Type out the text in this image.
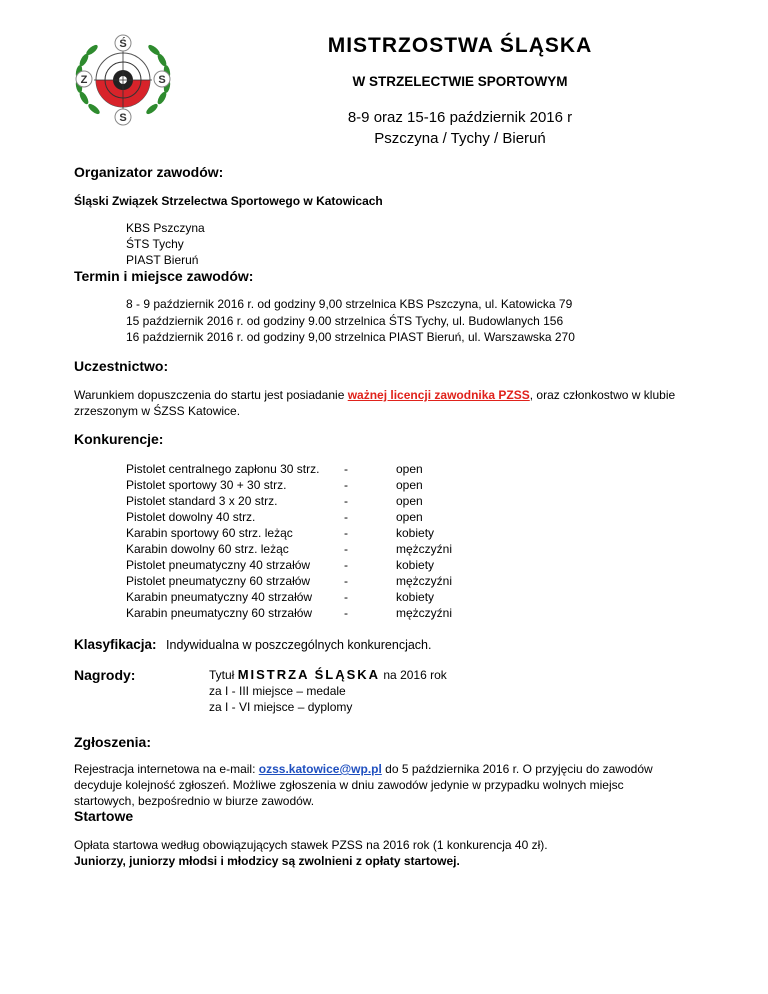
Ś
Z	S
S
MISTRZOSTWA ŚLĄSKA
W STRZELECTWIE SPORTOWYM
8-9 oraz 15-16 październik 2016 r
Pszczyna / Tychy / Bieruń
Organizator zawodów:
Śląski Związek Strzelectwa Sportowego w Katowicach
KBS Pszczyna
ŚTS Tychy
PIAST Bieruń
Termin i miejsce zawodów:
8 - 9 październik 2016 r. od godziny 9,00 strzelnica KBS Pszczyna, ul. Katowicka 79
15 październik 2016 r. od godziny 9.00 strzelnica ŚTS Tychy, ul. Budowlanych 156
16 październik 2016 r. od godziny 9,00 strzelnica PIAST Bieruń, ul. Warszawska 270
Uczestnictwo:
Warunkiem dopuszczenia do startu jest posiadanie ważnej licencji zawodnika PZSS, oraz członkostwo w klubie
zrzeszonym w ŚZSS Katowice.
Konkurencje:
Pistolet centralnego zapłonu 30 strz. -	open
Pistolet sportowy 30 + 30 strz.	-	open
Pistolet standard 3 x 20 strz.	-	open
Pistolet dowolny 40 strz.	-	open
Karabin sportowy 60 strz. leżąc	-	kobiety
Karabin dowolny 60 strz. leżąc	-	mężczyźni
Pistolet pneumatyczny 40 strzałów	-	kobiety
Pistolet pneumatyczny 60 strzałów	-	mężczyźni
Karabin pneumatyczny 40 strzałów	-	kobiety
Karabin pneumatyczny 60 strzałów	-	mężczyźni
Klasyfikacja: Indywidualna w poszczególnych konkurencjach.
Nagrody:	Tytuł MISTRZA ŚLĄSKA na 2016 rok
za I - III miejsce – medale
za I - VI miejsce – dyplomy
Zgłoszenia:
Rejestracja internetowa na e-mail: ozss.katowice@wp.pl do 5 października 2016 r. O przyjęciu do zawodów
decyduje kolejność zgłoszeń. Możliwe zgłoszenia w dniu zawodów jedynie w przypadku wolnych miejsc
startowych, bezpośrednio w biurze zawodów.
Startowe
Opłata startowa według obowiązujących stawek PZSS na 2016 rok (1 konkurencja 40 zł).
Juniorzy, juniorzy młodsi i młodzicy są zwolnieni z opłaty startowej.
